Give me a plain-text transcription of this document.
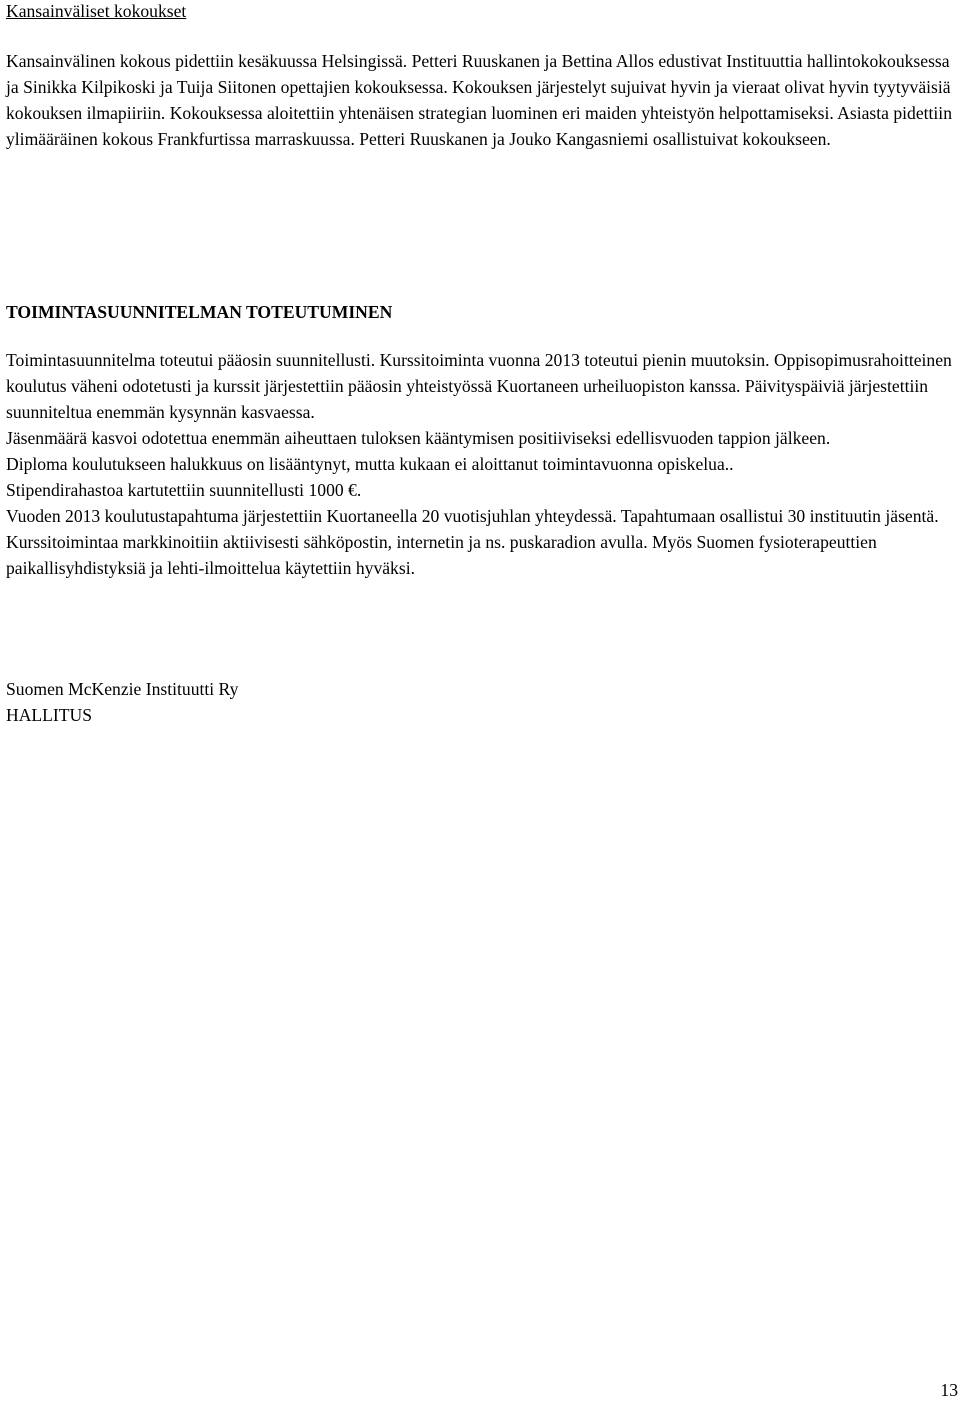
Kansainväliset kokoukset

Kansainvälinen kokous pidettiin kesäkuussa Helsingissä. Petteri Ruuskanen ja Bettina Allos edustivat Instituuttia hallintokokouksessa ja Sinikka Kilpikoski ja Tuija Siitonen opettajien kokouksessa. Kokouksen järjestelyt sujuivat hyvin ja vieraat olivat hyvin tyytyväisiä kokouksen ilmapiiriin. Kokouksessa aloitettiin yhtenäisen strategian luominen eri maiden yhteistyön helpottamiseksi. Asiasta pidettiin ylimääräinen kokous Frankfurtissa marraskuussa. Petteri Ruuskanen ja Jouko Kangasniemi osallistuivat kokoukseen.

TOIMINTASUUNNITELMAN TOTEUTUMINEN

Toimintasuunnitelma toteutui pääosin suunnitellusti. Kurssitoiminta vuonna 2013 toteutui pienin muutoksin. Oppisopimusrahoitteinen koulutus väheni odotetusti ja kurssit järjestettiin pääosin yhteistyössä Kuortaneen urheiluopiston kanssa. Päivityspäiviä järjestettiin suunniteltua enemmän kysynnän kasvaessa.

Jäsenmäärä kasvoi odotettua enemmän aiheuttaen tuloksen kääntymisen positiiviseksi edellisvuoden tappion jälkeen.

Diploma koulutukseen halukkuus on lisääntynyt, mutta kukaan ei aloittanut toimintavuonna opiskelua..

Stipendirahastoa kartutettiin suunnitellusti 1000 €.

Vuoden 2013 koulutustapahtuma järjestettiin Kuortaneella 20 vuotisjuhlan yhteydessä. Tapahtumaan osallistui 30 instituutin jäsentä.

Kurssitoimintaa markkinoitiin aktiivisesti sähköpostin, internetin ja ns. puskaradion avulla. Myös Suomen fysioterapeuttien paikallisyhdistyksiä ja lehti-ilmoittelua käytettiin hyväksi.

Suomen McKenzie Instituutti Ry
HALLITUS
13
